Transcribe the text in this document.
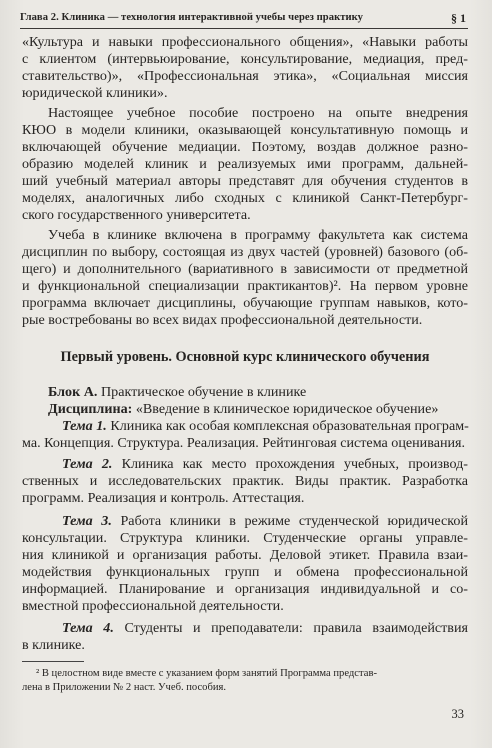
Глава 2. Клиника — технология интерактивной учебы через практику	§ 1
«Культура и навыки профессионального общения», «Навыки работы
с клиентом (интервьюирование, консультирование, медиация, пред-
ставительство)», «Профессиональная этика», «Социальная миссия
юридической клиники».
Настоящее учебное пособие построено на опыте внедрения
КЮО в модели клиники, оказывающей консультативную помощь и
включающей обучение медиации. Поэтому, воздав должное разно-
образию моделей клиник и реализуемых ими программ, дальней-
ший учебный материал авторы представят для обучения студентов в
моделях, аналогичных либо сходных с клиникой Санкт-Петербург-
ского государственного университета.
Учеба в клинике включена в программу факультета как система
дисциплин по выбору, состоящая из двух частей (уровней) базового (об-
щего) и дополнительного (вариативного в зависимости от предметной
и функциональной специализации практикантов)². На первом уровне
программа включает дисциплины, обучающие группам навыков, кото-
рые востребованы во всех видах профессиональной деятельности.
Первый уровень. Основной курс клинического обучения
Блок А. Практическое обучение в клинике
Дисциплина: «Введение в клиническое юридическое обучение»
Тема 1. Клиника как особая комплексная образовательная програм-
ма. Концепция. Структура. Реализация. Рейтинговая система оценивания.
Тема 2. Клиника как место прохождения учебных, производ-
ственных и исследовательских практик. Виды практик. Разработка
программ. Реализация и контроль. Аттестация.
Тема 3. Работа клиники в режиме студенческой юридической
консультации. Структура клиники. Студенческие органы управле-
ния клиникой и организация работы. Деловой этикет. Правила взаи-
модействия функциональных групп и обмена профессиональной
информацией. Планирование и организация индивидуальной и со-
вместной профессиональной деятельности.
Тема 4. Студенты и преподаватели: правила взаимодействия
в клинике.
² В целостном виде вместе с указанием форм занятий Программа представ-
лена в Приложении № 2 наст. Учеб. пособия.
33
